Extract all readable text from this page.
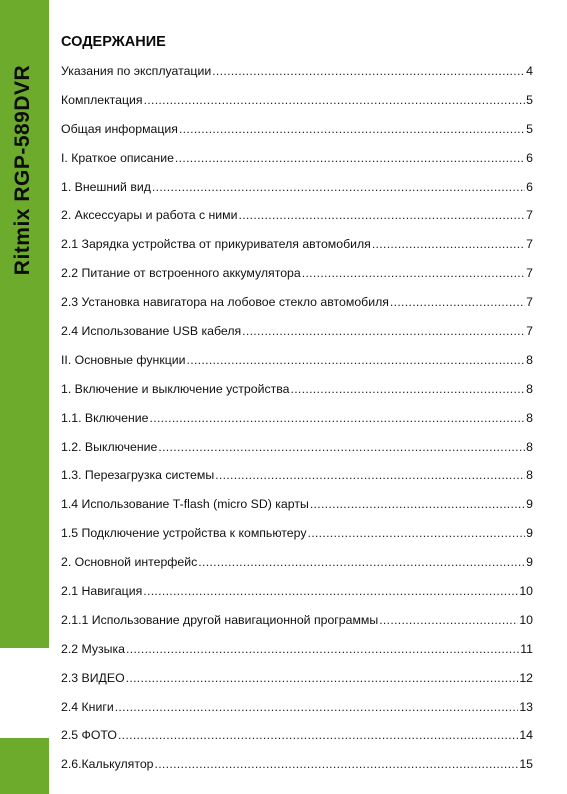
Ritmix RGP-589DVR
СОДЕРЖАНИЕ
Указания по эксплуатации .....	4
Комплектация .....	5
Общая информация .....	5
I. Краткое описание .....	6
1. Внешний вид .....	6
2. Аксессуары и работа с ними .....	7
2.1 Зарядка устройства от прикуривателя автомобиля .....	7
2.2 Питание от встроенного аккумулятора .....	7
2.3 Установка навигатора на лобовое стекло автомобиля .....	7
2.4 Использование USB кабеля .....	7
II. Основные функции .....	8
1. Включение и выключение устройства .....	8
1.1. Включение .....	8
1.2. Выключение .....	8
1.3. Перезагрузка системы .....	8
1.4 Использование T-flash (micro SD) карты .....	9
1.5 Подключение устройства к компьютеру .....	9
2. Основной интерфейс .....	9
2.1 Навигация .....	10
2.1.1 Использование другой навигационной программы .....	10
2.2 Музыка .....	11
2.3 ВИДЕО .....	12
2.4 Книги .....	13
2.5 ФОТО .....	14
2.6.Калькулятор .....	15
